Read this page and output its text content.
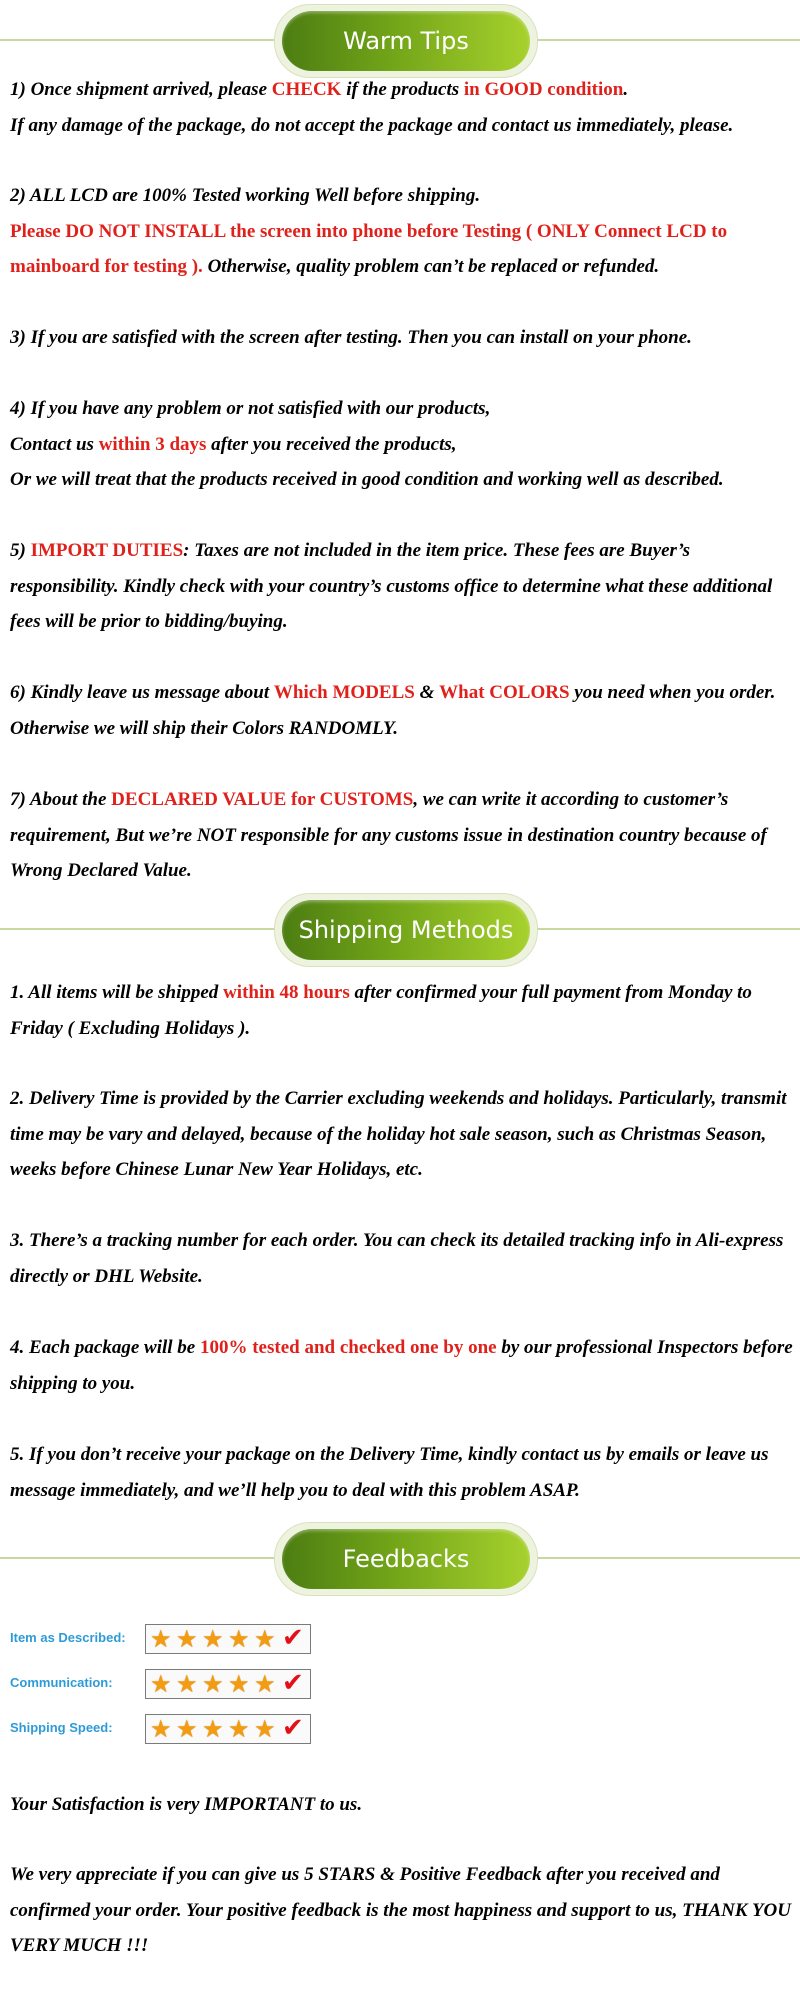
Warm Tips
1) Once shipment arrived, please CHECK if the products in GOOD condition.
If any damage of the package, do not accept the package and contact us immediately, please.
2) ALL LCD are 100% Tested working Well before shipping.
Please DO NOT INSTALL the screen into phone before Testing ( ONLY Connect LCD to mainboard for testing ). Otherwise, quality problem can’t be replaced or refunded.
3) If you are satisfied with the screen after testing. Then you can install on your phone.
4) If you have any problem or not satisfied with our products,
Contact us within 3 days after you received the products,
Or we will treat that the products received in good condition and working well as described.
5) IMPORT DUTIES: Taxes are not included in the item price. These fees are Buyer’s responsibility. Kindly check with your country’s customs office to determine what these additional fees will be prior to bidding/buying.
6) Kindly leave us message about Which MODELS & What COLORS you need when you order. Otherwise we will ship their Colors RANDOMLY.
7) About the DECLARED VALUE for CUSTOMS, we can write it according to customer’s requirement, But we’re NOT responsible for any customs issue in destination country because of Wrong Declared Value.
Shipping Methods
1. All items will be shipped within 48 hours after confirmed your full payment from Monday to Friday ( Excluding Holidays ).
2. Delivery Time is provided by the Carrier excluding weekends and holidays. Particularly, transmit time may be vary and delayed, because of the holiday hot sale season, such as Christmas Season, weeks before Chinese Lunar New Year Holidays, etc.
3. There’s a tracking number for each order. You can check its detailed tracking info in Ali-express directly or DHL Website.
4. Each package will be 100% tested and checked one by one by our professional Inspectors before shipping to you.
5. If you don’t receive your package on the Delivery Time, kindly contact us by emails or leave us message immediately, and we’ll help you to deal with this problem ASAP.
Feedbacks
Item as Described:	★ ★ ★ ★ ★ ✔
Communication:	★ ★ ★ ★ ★ ✔
Shipping Speed:	★ ★ ★ ★ ★ ✔
Your Satisfaction is very IMPORTANT to us.
We very appreciate if you can give us 5 STARS & Positive Feedback after you received and confirmed your order. Your positive feedback is the most happiness and support to us, THANK YOU VERY MUCH !!!
